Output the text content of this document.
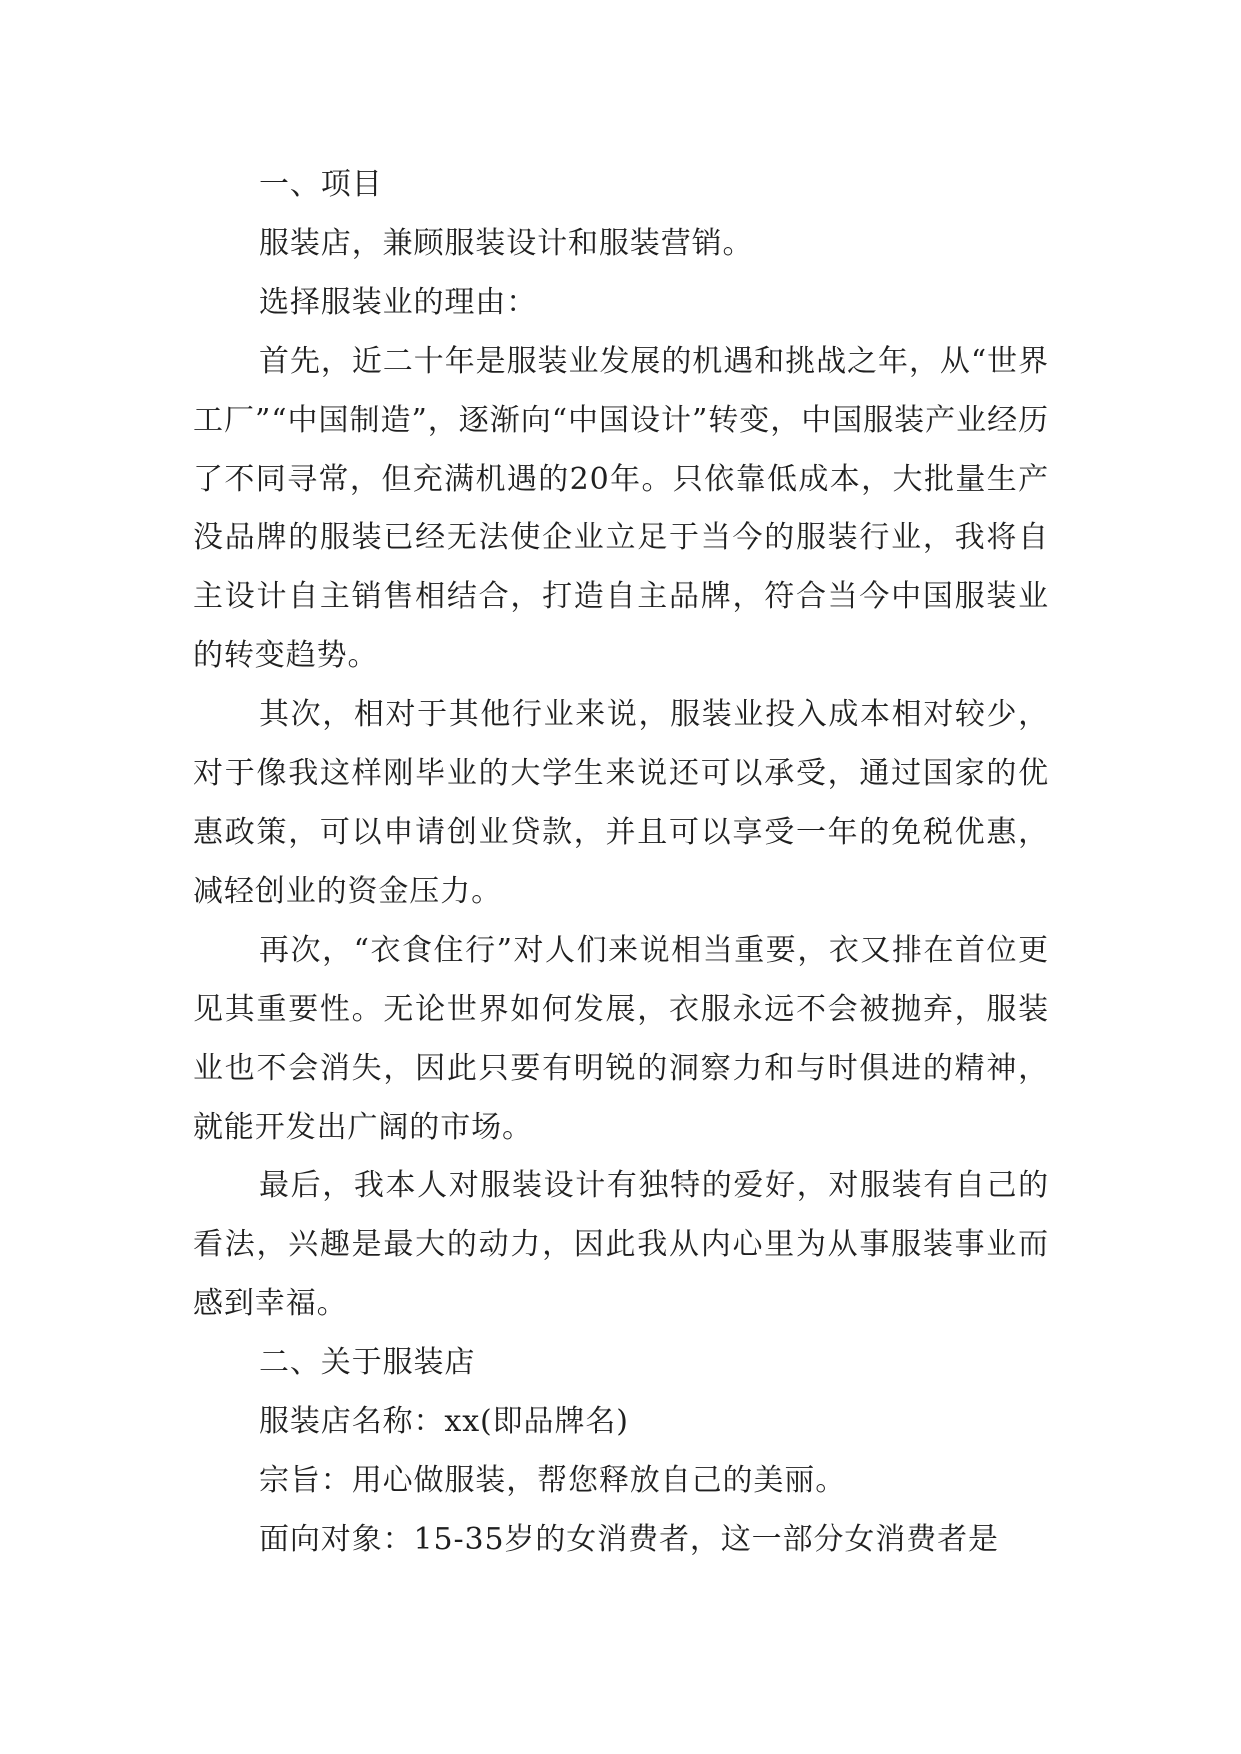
一、项目

服装店，兼顾服装设计和服装营销。

选择服装业的理由：

首先，近二十年是服装业发展的机遇和挑战之年，从“世界工厂”“中国制造”，逐渐向“中国设计”转变，中国服装产业经历了不同寻常，但充满机遇的20年。只依靠低成本，大批量生产没品牌的服装已经无法使企业立足于当今的服装行业，我将自主设计自主销售相结合，打造自主品牌，符合当今中国服装业的转变趋势。

其次，相对于其他行业来说，服装业投入成本相对较少，对于像我这样刚毕业的大学生来说还可以承受，通过国家的优惠政策，可以申请创业贷款，并且可以享受一年的免税优惠，减轻创业的资金压力。

再次，“衣食住行”对人们来说相当重要，衣又排在首位更见其重要性。无论世界如何发展，衣服永远不会被抛弃，服装业也不会消失，因此只要有明锐的洞察力和与时俱进的精神，就能开发出广阔的市场。

最后，我本人对服装设计有独特的爱好，对服装有自己的看法，兴趣是最大的动力，因此我从内心里为从事服装事业而感到幸福。

二、关于服装店

服装店名称：xx(即品牌名)

宗旨：用心做服装，帮您释放自己的美丽。

面向对象：15-35岁的女消费者，这一部分女消费者是
